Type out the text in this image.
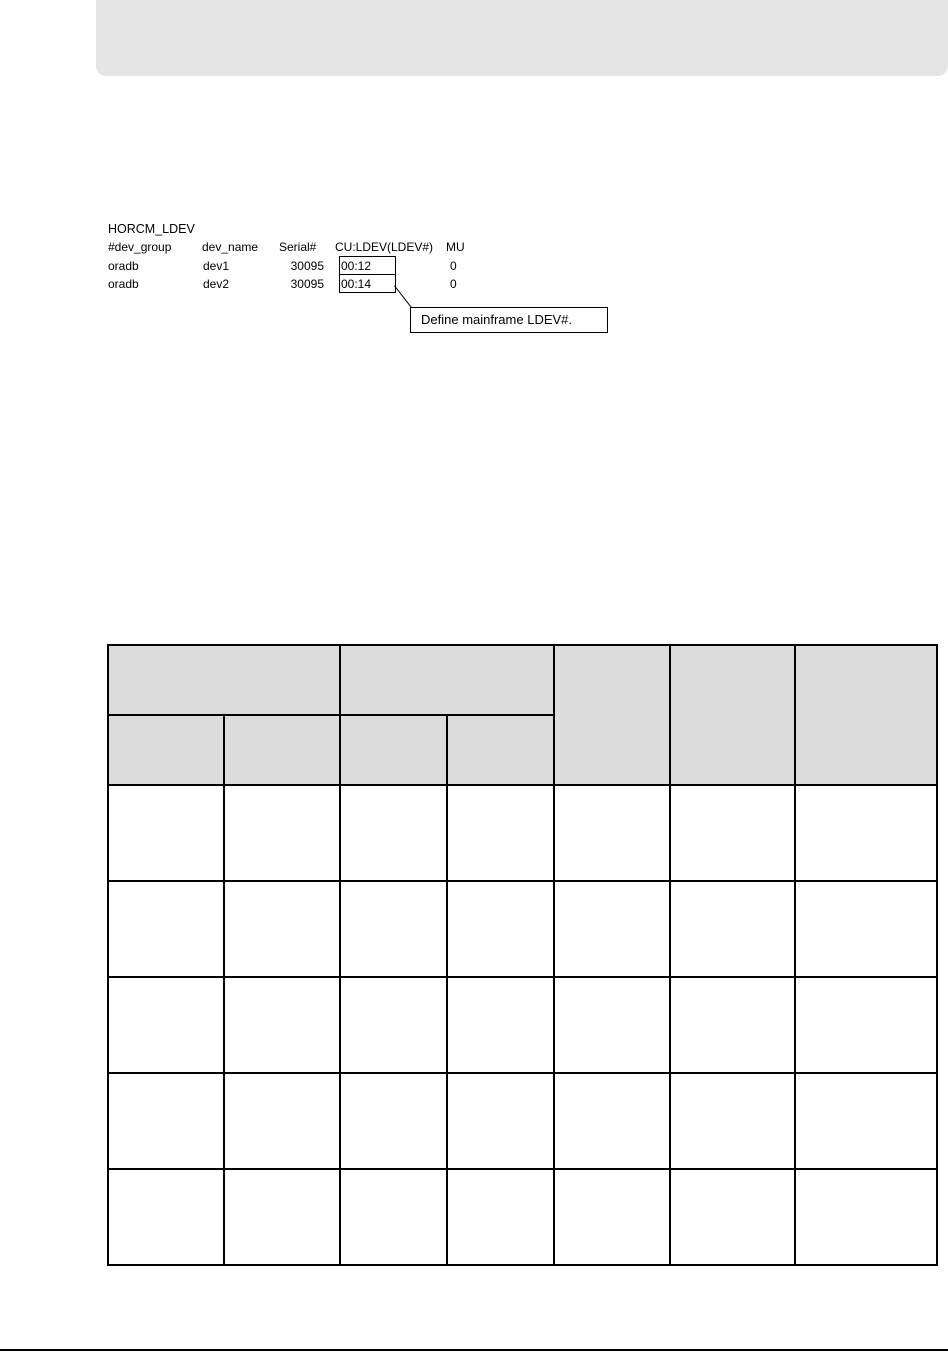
HORCM_LDEV
#dev_group	dev_name Serial# CU:LDEV(LDEV#) MU
oradb	dev1	30095 00:12	0
oradb	dev2	30095 00:14	0
Define mainframe LDEV#.
